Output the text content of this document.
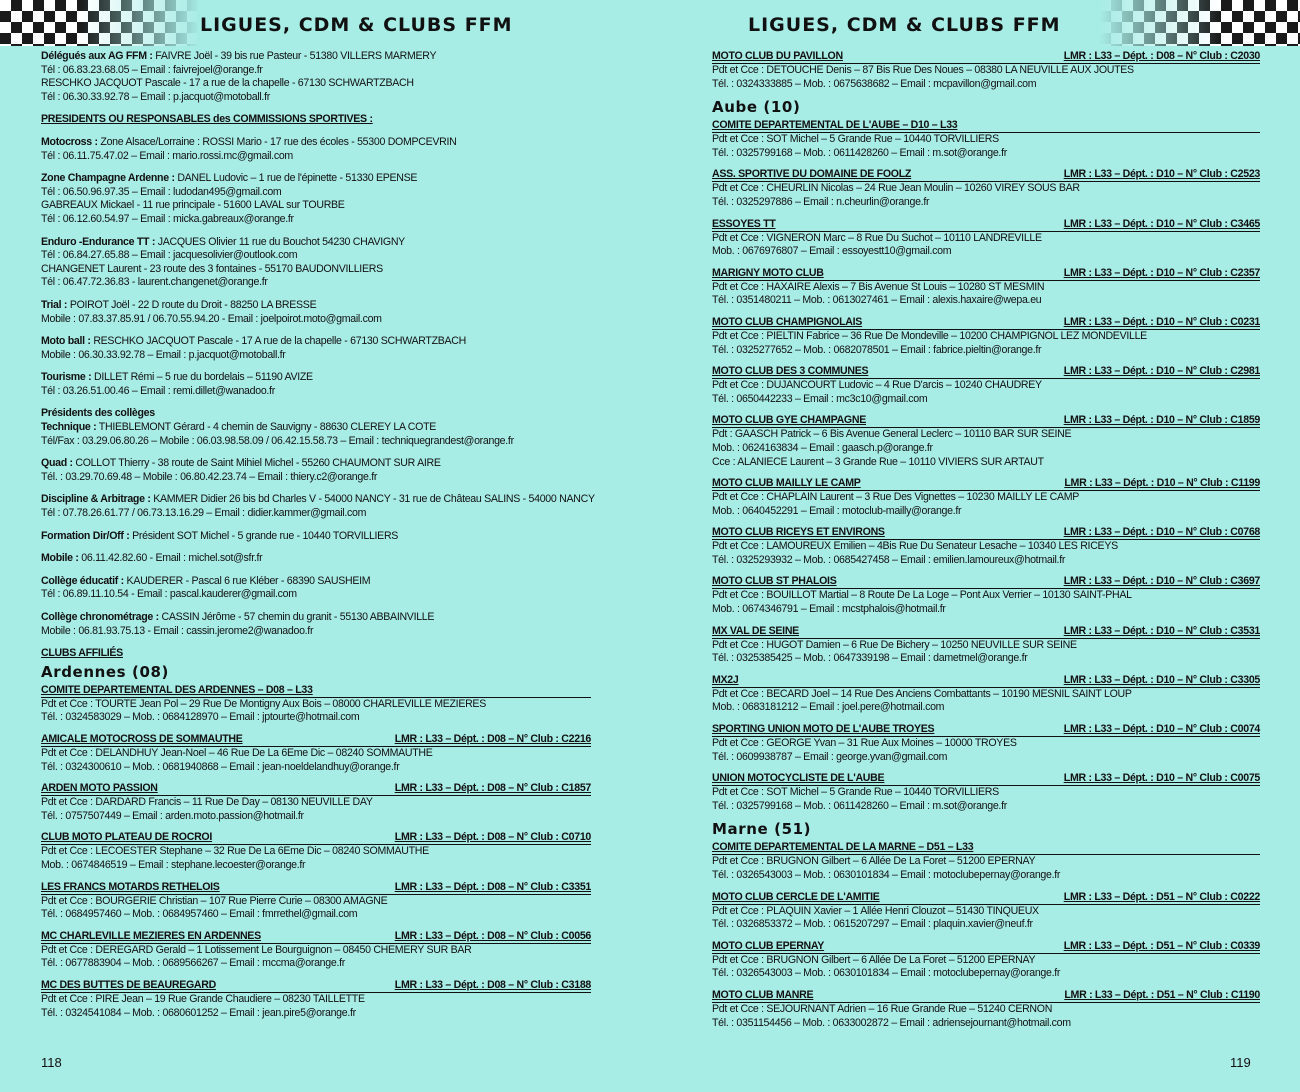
LIGUES, CDM & CLUBS FFM
Délégués aux AG FFM : FAIVRE Joël - 39 bis rue Pasteur - 51380 VILLERS MARMERY
Tél : 06.83.23.68.05 – Email : faivrejoel@orange.fr
RESCHKO JACQUOT Pascale - 17 a rue de la chapelle - 67130 SCHWARTZBACH
Tél : 06.30.33.92.78 – Email : p.jacquot@motoball.fr
PRESIDENTS OU RESPONSABLES des COMMISSIONS SPORTIVES :
Motocross : Zone Alsace/Lorraine : ROSSI Mario - 17 rue des écoles - 55300 DOMPCEVRIN
Tél : 06.11.75.47.02 – Email : mario.rossi.mc@gmail.com
Zone Champagne Ardenne : DANEL Ludovic – 1 rue de l'épinette - 51330 EPENSE
Tél : 06.50.96.97.35 – Email : ludodan495@gmail.com
GABREAUX Mickael - 11 rue principale - 51600 LAVAL sur TOURBE
Tél : 06.12.60.54.97 – Email : micka.gabreaux@orange.fr
Enduro -Endurance TT : JACQUES Olivier 11 rue du Bouchot 54230 CHAVIGNY
Tél : 06.84.27.65.88 – Email : jacquesolivier@outlook.com
CHANGENET Laurent - 23 route des 3 fontaines - 55170 BAUDONVILLIERS
Tél : 06.47.72.36.83 - laurent.changenet@orange.fr
Trial : POIROT Joël - 22 D route du Droit - 88250 LA BRESSE
Mobile : 07.83.37.85.91 / 06.70.55.94.20 - Email : joelpoirot.moto@gmail.com
Moto ball : RESCHKO JACQUOT Pascale - 17 A rue de la chapelle - 67130 SCHWARTZBACH
Mobile : 06.30.33.92.78 – Email : p.jacquot@motoball.fr
Tourisme : DILLET Rémi – 5 rue du bordelais – 51190 AVIZE
Tél : 03.26.51.00.46 – Email : remi.dillet@wanadoo.fr
Présidents des collèges
Technique : THIEBLEMONT Gérard - 4 chemin de Sauvigny - 88630 CLEREY LA COTE
Tél/Fax : 03.29.06.80.26 – Mobile : 06.03.98.58.09 / 06.42.15.58.73 – Email : techniquegrandest@orange.fr
Quad : COLLOT Thierry - 38 route de Saint Mihiel Michel - 55260 CHAUMONT SUR AIRE
Tél. : 03.29.70.69.48 – Mobile : 06.80.42.23.74 – Email : thiery.c2@orange.fr
Discipline & Arbitrage : KAMMER Didier 26 bis bd Charles V - 54000 NANCY - 31 rue de Château SALINS - 54000 NANCY
Tél : 07.78.26.61.77 / 06.73.13.16.29 – Email : didier.kammer@gmail.com
Formation Dir/Off : Président SOT Michel - 5 grande rue - 10440 TORVILLIERS
Mobile : 06.11.42.82.60 - Email : michel.sot@sfr.fr
Collège éducatif : KAUDERER - Pascal 6 rue Kléber - 68390 SAUSHEIM
Tél : 06.89.11.10.54 - Email : pascal.kauderer@gmail.com
Collège chronométrage : CASSIN Jérôme - 57 chemin du granit - 55130 ABBAINVILLE
Mobile : 06.81.93.75.13 - Email : cassin.jerome2@wanadoo.fr
CLUBS AFFILIÉS
Ardennes (08)
COMITE DEPARTEMENTAL DES ARDENNES – D08 – L33
Pdt et Cce : TOURTE Jean Pol – 29 Rue De Montigny Aux Bois – 08000 CHARLEVILLE MEZIERES
Tél. : 0324583029 – Mob. : 0684128970 – Email : jptourte@hotmail.com
AMICALE MOTOCROSS DE SOMMAUTHE	LMR : L33 – Dépt. : D08 – N° Club : C2216
Pdt et Cce : DELANDHUY Jean-Noel – 46 Rue De La 6Eme Dic – 08240 SOMMAUTHE
Tél. : 0324300610 – Mob. : 0681940868 – Email : jean-noeldelandhuy@orange.fr
ARDEN MOTO PASSION	LMR : L33 – Dépt. : D08 – N° Club : C1857
Pdt et Cce : DARDARD Francis – 11 Rue De Day – 08130 NEUVILLE DAY
Tél. : 0757507449 – Email : arden.moto.passion@hotmail.fr
CLUB MOTO PLATEAU DE ROCROI	LMR : L33 – Dépt. : D08 – N° Club : C0710
Pdt et Cce : LECOESTER Stephane – 32 Rue De La 6Eme Dic – 08240 SOMMAUTHE
Mob. : 0674846519 – Email : stephane.lecoester@orange.fr
LES FRANCS MOTARDS RETHELOIS	LMR : L33 – Dépt. : D08 – N° Club : C3351
Pdt et Cce : BOURGERIE Christian – 107 Rue Pierre Curie – 08300 AMAGNE
Tél. : 0684957460 – Mob. : 0684957460 – Email : fmrrethel@gmail.com
MC CHARLEVILLE MEZIERES EN ARDENNES	LMR : L33 – Dépt. : D08 – N° Club : C0056
Pdt et Cce : DEREGARD Gerald – 1 Lotissement Le Bourguignon – 08450 CHEMERY SUR BAR
Tél. : 0677883904 – Mob. : 0689566267 – Email : mccma@orange.fr
MC DES BUTTES DE BEAUREGARD	LMR : L33 – Dépt. : D08 – N° Club : C3188
Pdt et Cce : PIRE Jean – 19 Rue Grande Chaudiere – 08230 TAILLETTE
Tél. : 0324541084 – Mob. : 0680601252 – Email : jean.pire5@orange.fr
118
LIGUES, CDM & CLUBS FFM
MOTO CLUB DU PAVILLON	LMR : L33 – Dépt. : D08 – N° Club : C2030
Pdt et Cce : DETOUCHE Denis – 87 Bis Rue Des Noues – 08380 LA NEUVILLE AUX JOUTES
Tél. : 0324333885 – Mob. : 0675638682 – Email : mcpavillon@gmail.com
Aube (10)
COMITE DEPARTEMENTAL DE L'AUBE – D10 – L33
Pdt et Cce : SOT Michel – 5 Grande Rue – 10440 TORVILLIERS
Tél. : 0325799168 – Mob. : 0611428260 – Email : m.sot@orange.fr
ASS. SPORTIVE DU DOMAINE DE FOOLZ	LMR : L33 – Dépt. : D10 – N° Club : C2523
Pdt et Cce : CHEURLIN Nicolas – 24 Rue Jean Moulin – 10260 VIREY SOUS BAR
Tél. : 0325297886 – Email : n.cheurlin@orange.fr
ESSOYES TT	LMR : L33 – Dépt. : D10 – N° Club : C3465
Pdt et Cce : VIGNERON Marc – 8 Rue Du Suchot – 10110 LANDREVILLE
Mob. : 0676976807 – Email : essoyestt10@gmail.com
MARIGNY MOTO CLUB	LMR : L33 – Dépt. : D10 – N° Club : C2357
Pdt et Cce : HAXAIRE Alexis – 7 Bis Avenue St Louis – 10280 ST MESMIN
Tél. : 0351480211 – Mob. : 0613027461 – Email : alexis.haxaire@wepa.eu
MOTO CLUB CHAMPIGNOLAIS	LMR : L33 – Dépt. : D10 – N° Club : C0231
Pdt et Cce : PIELTIN Fabrice – 36 Rue De Mondeville – 10200 CHAMPIGNOL LEZ MONDEVILLE
Tél. : 0325277652 – Mob. : 0682078501 – Email : fabrice.pieltin@orange.fr
MOTO CLUB DES 3 COMMUNES	LMR : L33 – Dépt. : D10 – N° Club : C2981
Pdt et Cce : DUJANCOURT Ludovic – 4 Rue D'arcis – 10240 CHAUDREY
Tél. : 0650442233 – Email : mc3c10@gmail.com
MOTO CLUB GYE CHAMPAGNE	LMR : L33 – Dépt. : D10 – N° Club : C1859
Pdt : GAASCH Patrick – 6 Bis Avenue General Leclerc – 10110 BAR SUR SEINE
Mob. : 0624163834 – Email : gaasch.p@orange.fr
Cce : ALANIECE Laurent – 3 Grande Rue – 10110 VIVIERS SUR ARTAUT
MOTO CLUB MAILLY LE CAMP	LMR : L33 – Dépt. : D10 – N° Club : C1199
Pdt et Cce : CHAPLAIN Laurent – 3 Rue Des Vignettes – 10230 MAILLY LE CAMP
Mob. : 0640452291 – Email : motoclub-mailly@orange.fr
MOTO CLUB RICEYS ET ENVIRONS	LMR : L33 – Dépt. : D10 – N° Club : C0768
Pdt et Cce : LAMOUREUX Emilien – 4Bis Rue Du Senateur Lesache – 10340 LES RICEYS
Tél. : 0325293932 – Mob. : 0685427458 – Email : emilien.lamoureux@hotmail.fr
MOTO CLUB ST PHALOIS	LMR : L33 – Dépt. : D10 – N° Club : C3697
Pdt et Cce : BOUILLOT Martial – 8 Route De La Loge – Pont Aux Verrier – 10130 SAINT-PHAL
Mob. : 0674346791 – Email : mcstphalois@hotmail.fr
MX VAL DE SEINE	LMR : L33 – Dépt. : D10 – N° Club : C3531
Pdt et Cce : HUGOT Damien – 6 Rue De Bichery – 10250 NEUVILLE SUR SEINE
Tél. : 0325385425 – Mob. : 0647339198 – Email : dametmel@orange.fr
MX2J	LMR : L33 – Dépt. : D10 – N° Club : C3305
Pdt et Cce : BECARD Joel – 14 Rue Des Anciens Combattants – 10190 MESNIL SAINT LOUP
Mob. : 0683181212 – Email : joel.pere@hotmail.com
SPORTING UNION MOTO DE L'AUBE TROYES	LMR : L33 – Dépt. : D10 – N° Club : C0074
Pdt et Cce : GEORGE Yvan – 31 Rue Aux Moines – 10000 TROYES
Tél. : 0609938787 – Email : george.yvan@gmail.com
UNION MOTOCYCLISTE DE L'AUBE	LMR : L33 – Dépt. : D10 – N° Club : C0075
Pdt et Cce : SOT Michel – 5 Grande Rue – 10440 TORVILLIERS
Tél. : 0325799168 – Mob. : 0611428260 – Email : m.sot@orange.fr
Marne (51)
COMITE DEPARTEMENTAL DE LA MARNE – D51 – L33
Pdt et Cce : BRUGNON Gilbert – 6 Allée De La Foret – 51200 EPERNAY
Tél. : 0326543003 – Mob. : 0630101834 – Email : motoclubepernay@orange.fr
MOTO CLUB CERCLE DE L'AMITIE	LMR : L33 – Dépt. : D51 – N° Club : C0222
Pdt et Cce : PLAQUIN Xavier – 1 Allée Henri Clouzot – 51430 TINQUEUX
Tél. : 0326853372 – Mob. : 0615207297 – Email : plaquin.xavier@neuf.fr
MOTO CLUB EPERNAY	LMR : L33 – Dépt. : D51 – N° Club : C0339
Pdt et Cce : BRUGNON Gilbert – 6 Allée De La Foret – 51200 EPERNAY
Tél. : 0326543003 – Mob. : 0630101834 – Email : motoclubepernay@orange.fr
MOTO CLUB MANRE	LMR : L33 – Dépt. : D51 – N° Club : C1190
Pdt et Cce : SEJOURNANT Adrien – 16 Rue Grande Rue – 51240 CERNON
Tél. : 0351154456 – Mob. : 0633002872 – Email : adriensejournant@hotmail.com
119
